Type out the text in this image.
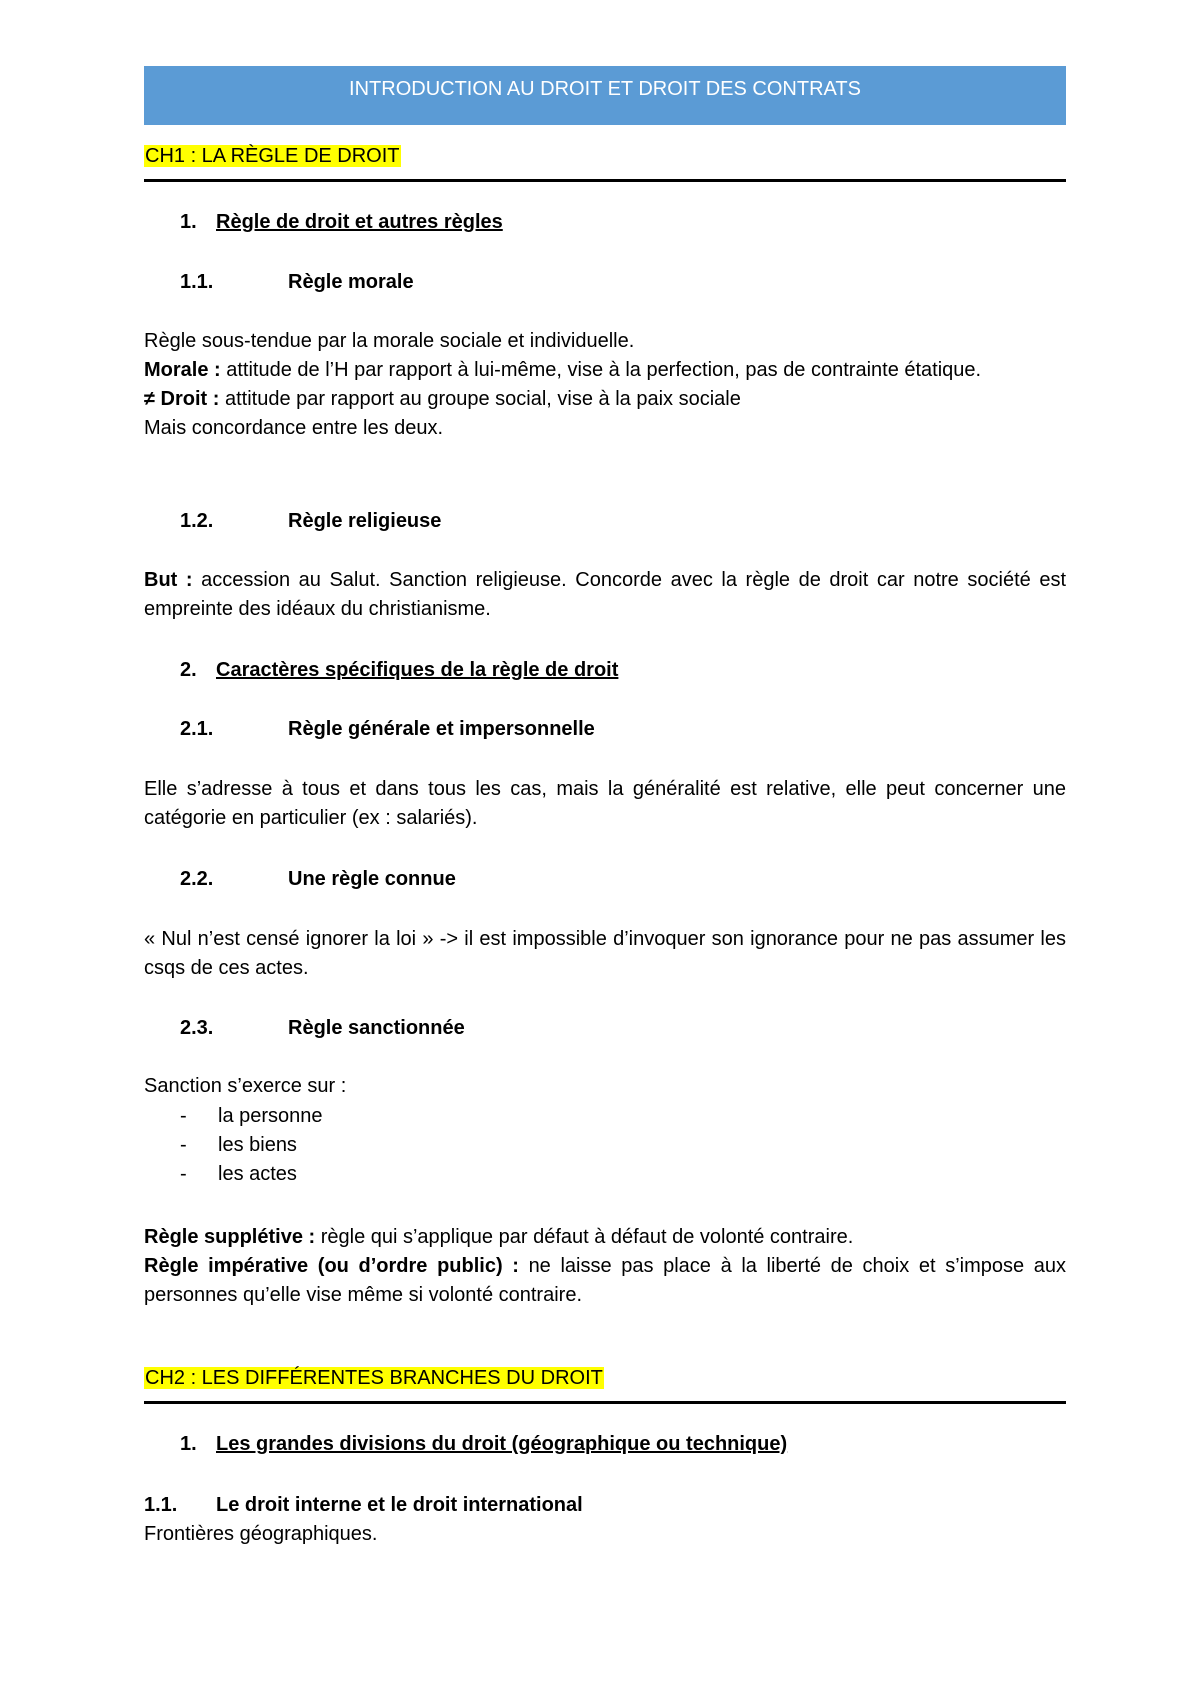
INTRODUCTION AU DROIT ET DROIT DES CONTRATS
CH1 : LA RÈGLE DE DROIT
1. Règle de droit et autres règles
1.1.	Règle morale
Règle sous-tendue par la morale sociale et individuelle.
Morale : attitude de l’H par rapport à lui-même, vise à la perfection, pas de contrainte étatique.
≠ Droit : attitude par rapport au groupe social, vise à la paix sociale
Mais concordance entre les deux.
1.2.	Règle religieuse
But : accession au Salut. Sanction religieuse. Concorde avec la règle de droit car notre société est empreinte des idéaux du christianisme.
2. Caractères spécifiques de la règle de droit
2.1.	Règle générale et impersonnelle
Elle s’adresse à tous et dans tous les cas, mais la généralité est relative, elle peut concerner une catégorie en particulier (ex : salariés).
2.2.	Une règle connue
« Nul n’est censé ignorer la loi » -> il est impossible d’invoquer son ignorance pour ne pas assumer les csqs de ces actes.
2.3.	Règle sanctionnée
Sanction s’exerce sur :
- la personne
- les biens
- les actes
Règle supplétive : règle qui s’applique par défaut à défaut de volonté contraire.
Règle impérative (ou d’ordre public) : ne laisse pas place à la liberté de choix et s’impose aux personnes qu’elle vise même si volonté contraire.
CH2 : LES DIFFÉRENTES BRANCHES DU DROIT
1. Les grandes divisions du droit (géographique ou technique)
1.1. Le droit interne et le droit international
Frontières géographiques.
